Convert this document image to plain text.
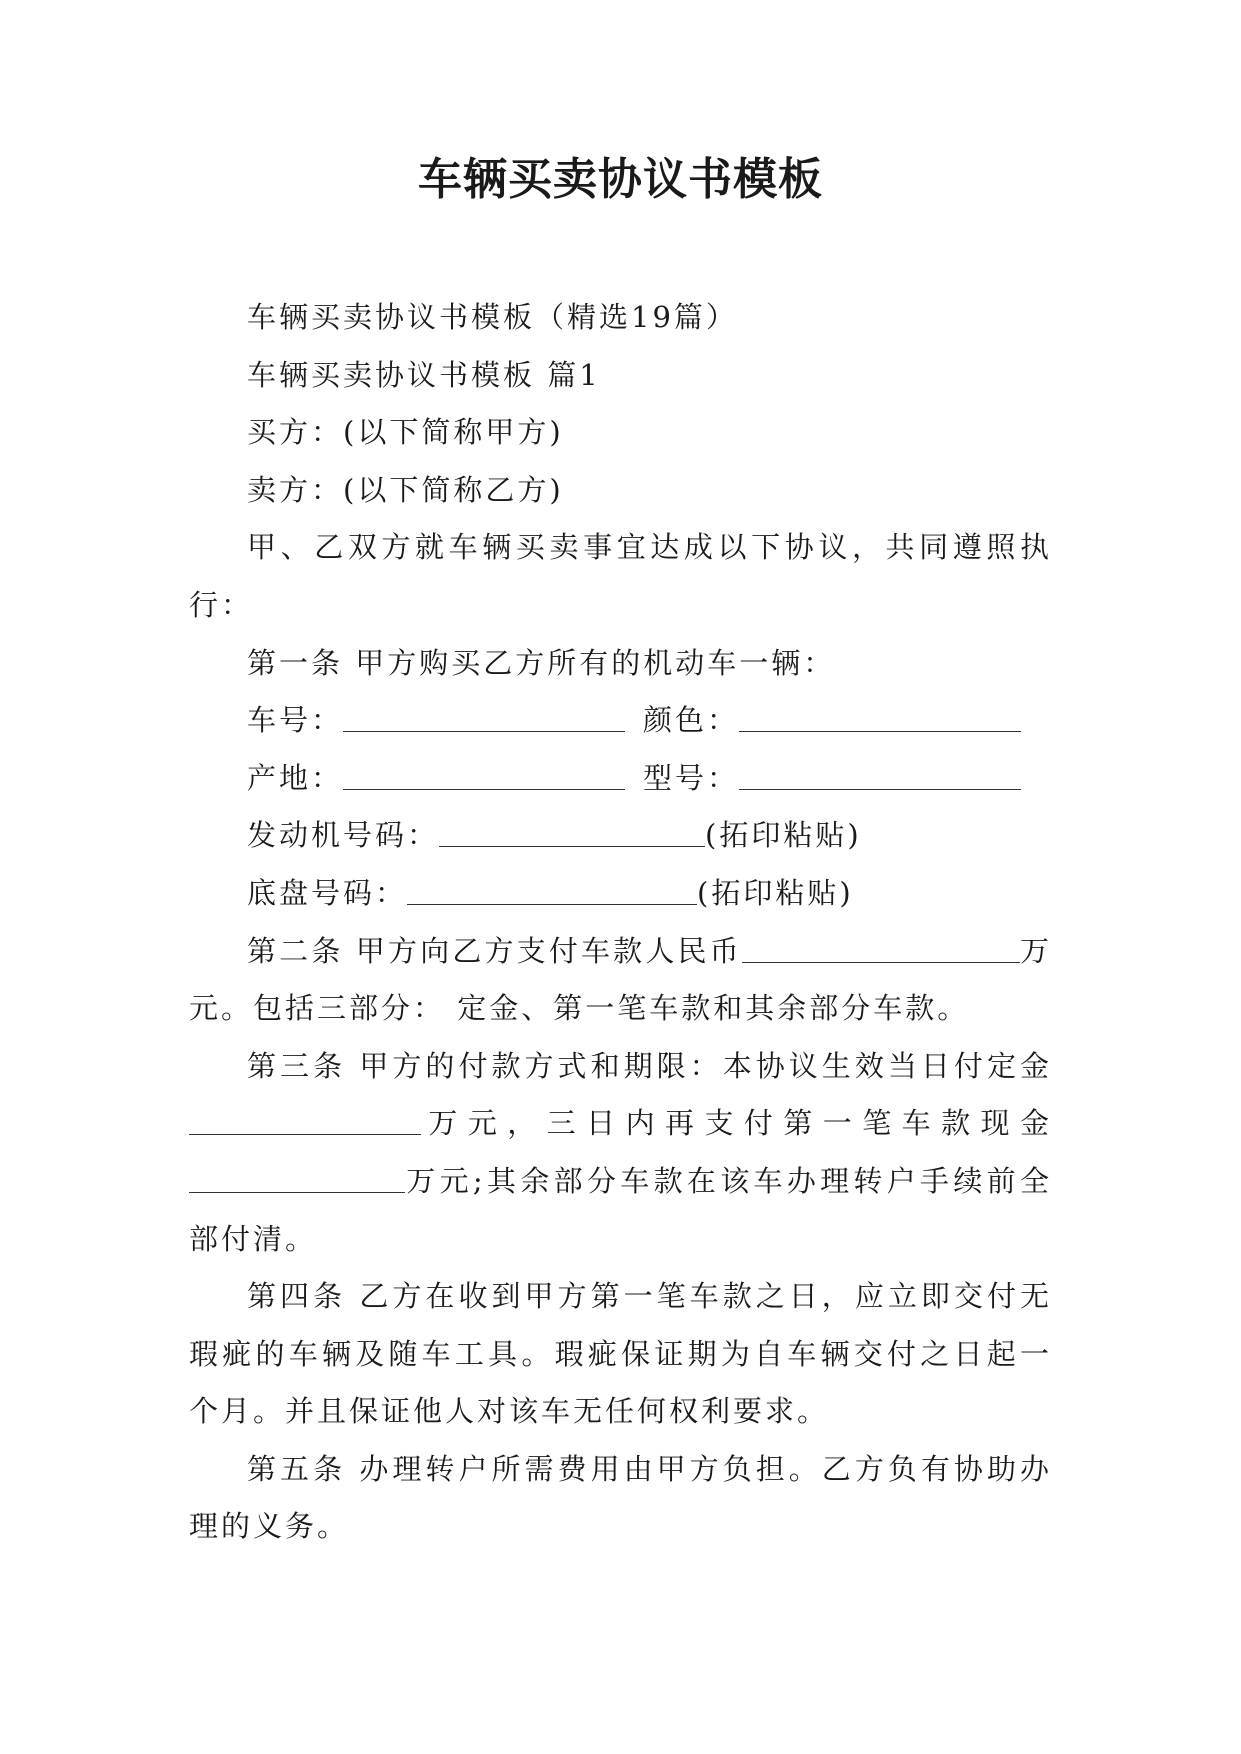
车辆买卖协议书模板

车辆买卖协议书模板（精选19篇）

车辆买卖协议书模板 篇1

买方：(以下简称甲方)

卖方：(以下简称乙方)

甲、乙双方就车辆买卖事宜达成以下协议，共同遵照执行：

第一条 甲方购买乙方所有的机动车一辆：

车号：	颜色：

产地：	型号：

发动机号码：	(拓印粘贴)

底盘号码：	(拓印粘贴)

第二条 甲方向乙方支付车款人民币	万元。包括三部分： 定金、第一笔车款和其余部分车款。

第三条 甲方的付款方式和期限：本协议生效当日付定金万元，三日内再支付第一笔车款现金万元;其余部分车款在该车办理转户手续前全部付清。

第四条 乙方在收到甲方第一笔车款之日，应立即交付无瑕疵的车辆及随车工具。瑕疵保证期为自车辆交付之日起一个月。并且保证他人对该车无任何权利要求。

第五条 办理转户所需费用由甲方负担。乙方负有协助办理的义务。
